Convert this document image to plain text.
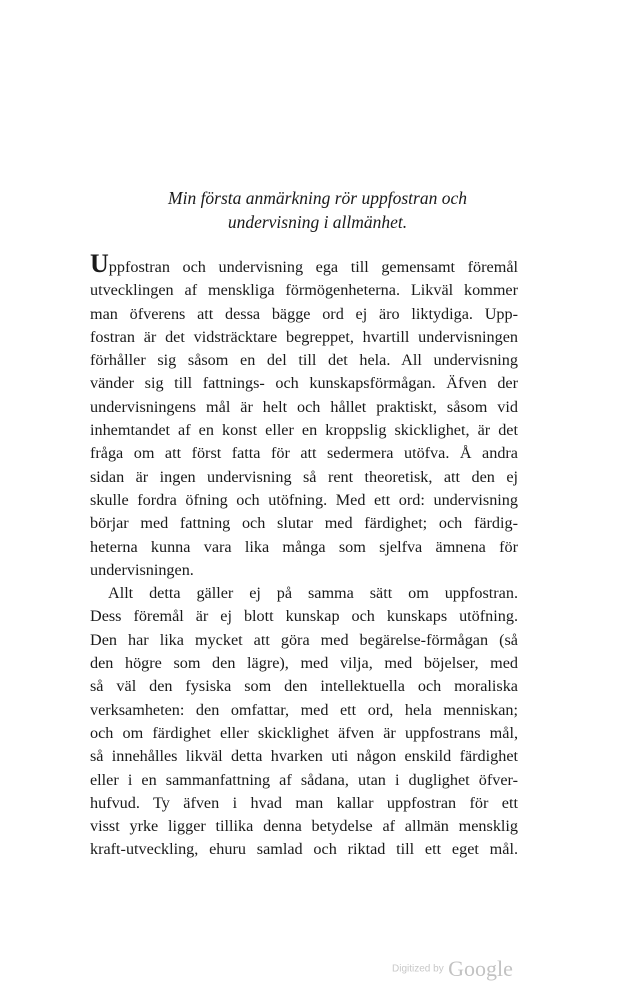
Min första anmärkning rör uppfostran och
undervisning i allmänhet.
Uppfostran och undervisning ega till gemensamt föremål
utvecklingen af menskliga förmögenheterna. Likväl kommer
man öfverens att dessa bägge ord ej äro liktydiga. Upp-
fostran är det vidsträcktare begreppet, hvartill undervisningen
förhåller sig såsom en del till det hela. All undervisning
vänder sig till fattnings- och kunskapsförmågan. Äfven der
undervisningens mål är helt och hållet praktiskt, såsom vid
inhemtandet af en konst eller en kroppslig skicklighet, är det
fråga om att först fatta för att sedermera utöfva. Å andra
sidan är ingen undervisning så rent theoretisk, att den ej
skulle fordra öfning och utöfning. Med ett ord: undervisning
börjar med fattning och slutar med färdighet; och färdig-
heterna kunna vara lika många som sjelfva ämnena för
undervisningen.
Allt detta gäller ej på samma sätt om uppfostran.
Dess föremål är ej blott kunskap och kunskaps utöfning.
Den har lika mycket att göra med begärelse-förmågan (så
den högre som den lägre), med vilja, med böjelser, med
så väl den fysiska som den intellektuella och moraliska
verksamheten: den omfattar, med ett ord, hela menniskan;
och om färdighet eller skicklighet äfven är uppfostrans mål,
så innehålles likväl detta hvarken uti någon enskild färdighet
eller i en sammanfattning af sådana, utan i duglighet öfver-
hufvud. Ty äfven i hvad man kallar uppfostran för ett
visst yrke ligger tillika denna betydelse af allmän mensklig
kraft-utveckling, ehuru samlad och riktad till ett eget mål.
Digitized by Google
